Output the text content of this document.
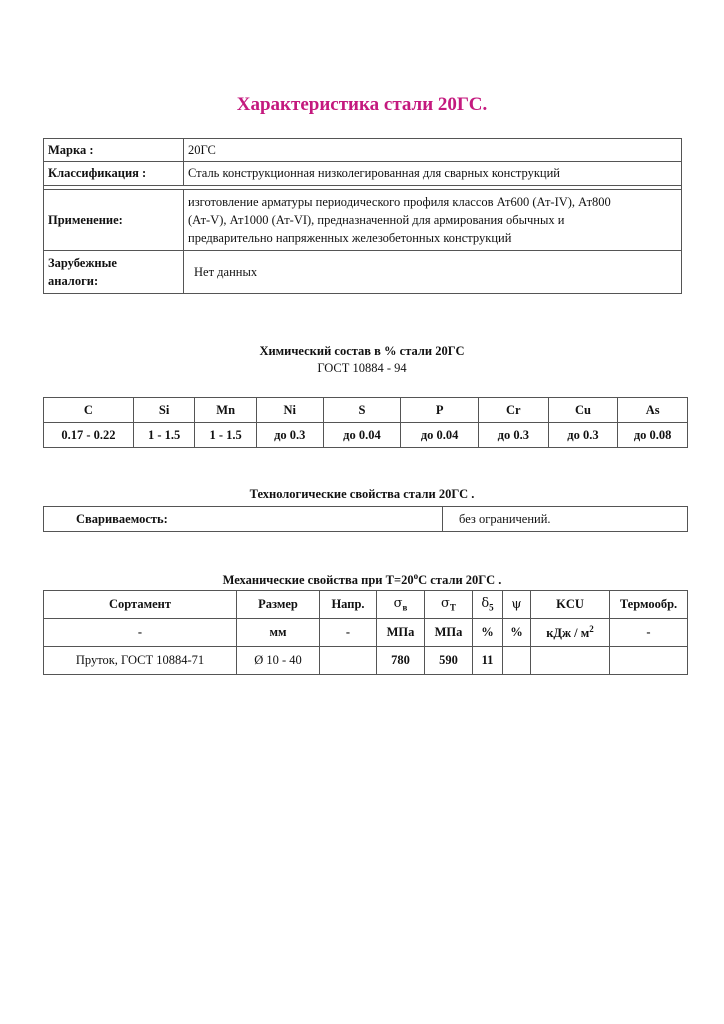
Характеристика стали 20ГС.
Марка :	20ГС
Классификация :	Сталь конструкционная низколегированная для сварных конструкций

Применение:	изготовление арматуры периодического профиля классов Ат600 (Ат-IV), Ат800
(Ат-V), Ат1000 (Ат-VI), предназначенной для армирования обычных и
предварительно напряженных железобетонных конструкций

Зарубежные
аналоги:	Нет данных
Химический состав в % стали 20ГС
ГОСТ 10884 - 94
C	Si	Mn	Ni	S	P	Cr	Cu	As
0.17 - 0.22	1 - 1.5	1 - 1.5	до 0.3	до 0.04	до 0.04	до 0.3	до 0.3	до 0.08
Технологические свойства стали 20ГС .
Свариваемость:	без ограничений.
Механические свойства при $Т=20^oС$ стали 20ГС .
Сортамент	Размер	Напр.	$\sigma_в$	$\sigma_T$	$\delta_5$	ψ	KCU	Термообр.
-	мм	-	МПа	МПа	%	%	кДж / $м^2$	-
Пруток, ГОСТ 10884-71	Ø 10 - 40		780	590	11			
